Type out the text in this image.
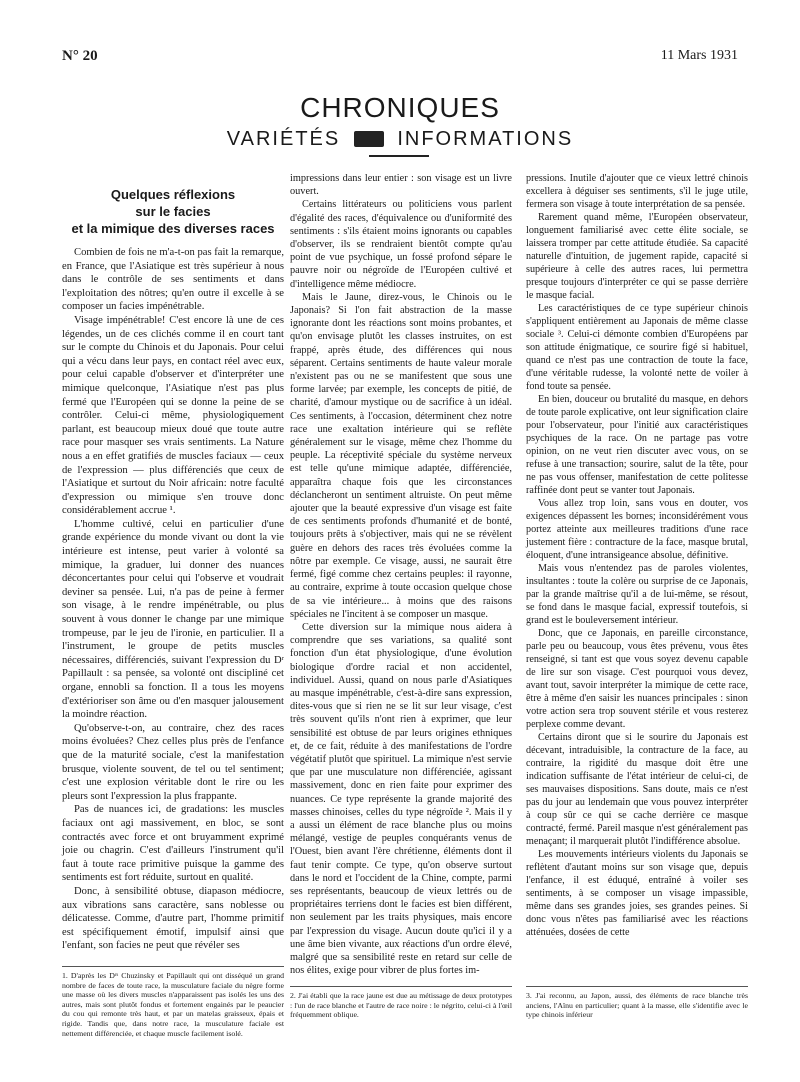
N° 20	11 Mars 1931
CHRONIQUES
VARIÉTÉS	INFORMATIONS
Quelques réflexions
sur le facies
et la mimique des diverses races

Combien de fois ne m'a-t-on pas fait la remarque, en France, que l'Asiatique est très supérieur à nous dans le contrôle de ses sentiments et dans l'exploitation des nôtres; qu'en outre il excelle à se composer un facies impénétrable.

Visage impénétrable! C'est encore là une de ces légendes, un de ces clichés comme il en court tant sur le compte du Chinois et du Japonais. Pour celui qui a vécu dans leur pays, en contact réel avec eux, pour celui capable d'observer et d'interpréter une mimique quelconque, l'Asiatique n'est pas plus fermé que l'Européen qui se donne la peine de se contrôler. Celui-ci même, physiologiquement parlant, est beaucoup mieux doué que toute autre race pour masquer ses vrais sentiments. La Nature nous a en effet gratifiés de muscles faciaux — ceux de l'expression — plus différenciés que ceux de l'Asiatique et surtout du Noir africain: notre faculté d'expression ou mimique s'en trouve donc considérablement accrue ¹.

L'homme cultivé, celui en particulier d'une grande expérience du monde vivant ou dont la vie intérieure est intense, peut varier à volonté sa mimique, la graduer, lui donner des nuances déconcertantes pour celui qui l'observe et voudrait deviner sa pensée. Lui, n'a pas de peine à fermer son visage, à le rendre impénétrable, ou plus souvent à vous donner le change par une mimique trompeuse, par le jeu de l'ironie, en particulier. Il a l'instrument, le groupe de petits muscles nécessaires, différenciés, suivant l'expression du Dʳ Papillault : sa pensée, sa volonté ont discipliné cet organe, ennobli sa fonction. Il a tous les moyens d'extérioriser son âme ou d'en masquer jalousement la moindre réaction.

Qu'observe-t-on, au contraire, chez des races moins évoluées? Chez celles plus près de l'enfance que de la maturité sociale, c'est la manifestation brusque, violente souvent, de tel ou tel sentiment; c'est une explosion véritable dont le rire ou les pleurs sont l'expression la plus frappante.

Pas de nuances ici, de gradations: les muscles faciaux ont agi massivement, en bloc, se sont contractés avec force et ont bruyamment exprimé joie ou chagrin. C'est d'ailleurs l'instrument qu'il faut à toute race primitive puisque la gamme des sentiments est fort réduite, surtout en qualité.

Donc, à sensibilité obtuse, diapason médiocre, aux vibrations sans caractère, sans noblesse ou délicatesse. Comme, d'autre part, l'homme primitif est spécifiquement émotif, impulsif ainsi que l'enfant, son facies ne peut que révéler ses

impressions dans leur entier : son visage est un livre ouvert.

Certains littérateurs ou politiciens vous parlent d'égalité des races, d'équivalence ou d'uniformité des sentiments : s'ils étaient moins ignorants ou capables d'observer, ils se rendraient bientôt compte qu'au point de vue psychique, un fossé profond sépare le pauvre noir ou négroïde de l'Européen cultivé et d'intelligence même médiocre.

Mais le Jaune, direz-vous, le Chinois ou le Japonais? Si l'on fait abstraction de la masse ignorante dont les réactions sont moins probantes, et qu'on envisage plutôt les classes instruites, on est frappé, après étude, des différences qui nous séparent. Certains sentiments de haute valeur morale n'existent pas ou ne se manifestent que sous une forme larvée; par exemple, les concepts de pitié, de charité, d'amour mystique ou de sacrifice à un idéal. Ces sentiments, à l'occasion, déterminent chez notre race une exaltation intérieure qui se reflète généralement sur le visage, même chez l'homme du peuple. La réceptivité spéciale du système nerveux est telle qu'une mimique adaptée, différenciée, apparaîtra chaque fois que les circonstances déclancheront un sentiment altruiste. On peut même ajouter que la beauté expressive d'un visage est faite de ces sentiments profonds d'humanité et de bonté, toujours prêts à s'objectiver, mais qui ne se révèlent guère en dehors des races très évoluées comme la nôtre par exemple. Ce visage, aussi, ne saurait être fermé, figé comme chez certains peuples: il rayonne, au contraire, exprime à toute occasion quelque chose de sa vie intérieure... à moins que des raisons spéciales ne l'incitent à se composer un masque.

Cette diversion sur la mimique nous aidera à comprendre que ses variations, sa qualité sont fonction d'un état physiologique, d'une évolution biologique d'ordre racial et non accidentel, individuel. Aussi, quand on nous parle d'Asiatiques au masque impénétrable, c'est-à-dire sans expression, dites-vous que si rien ne se lit sur leur visage, c'est très souvent qu'ils n'ont rien à exprimer, que leur sensibilité est obtuse de par leurs origines ethniques et, de ce fait, réduite à des manifestations de l'ordre végétatif plutôt que spirituel. La mimique n'est servie que par une musculature non différenciée, agissant massivement, donc en rien faite pour exprimer des nuances. Ce type représente la grande majorité des masses chinoises, celles du type négroïde ². Mais il y a aussi un élément de race blanche plus ou moins mélangé, vestige de peuples conquérants venus de l'Ouest, bien avant l'ère chrétienne, éléments dont il faut tenir compte. Ce type, qu'on observe surtout dans le nord et l'occident de la Chine, compte, parmi ses représentants, beaucoup de vieux lettrés ou de propriétaires terriens dont le facies est bien différent, non seulement par les traits physiques, mais encore par l'expression du visage. Aucun doute qu'ici il y a une âme bien vivante, aux réactions d'un ordre élevé, malgré que sa sensibilité reste en retard sur celle de nos élites, exige pour vibrer de plus fortes im-

pressions. Inutile d'ajouter que ce vieux lettré chinois excellera à déguiser ses sentiments, s'il le juge utile, fermera son visage à toute interprétation de sa pensée.

Rarement quand même, l'Européen observateur, longuement familiarisé avec cette élite sociale, se laissera tromper par cette attitude étudiée. Sa capacité naturelle d'intuition, de jugement rapide, capacité si supérieure à celle des autres races, lui permettra presque toujours d'interpréter ce qui se passe derrière le masque facial.

Les caractéristiques de ce type supérieur chinois s'appliquent entièrement au Japonais de même classe sociale ³. Celui-ci démonte combien d'Européens par son attitude énigmatique, ce sourire figé si habituel, quand ce n'est pas une contraction de toute la face, d'une véritable rudesse, la volonté nette de voiler à fond toute sa pensée.

En bien, douceur ou brutalité du masque, en dehors de toute parole explicative, ont leur signification claire pour l'observateur, pour l'initié aux caractéristiques psychiques de la race. On ne partage pas votre opinion, on ne veut rien discuter avec vous, on se refuse à une transaction; sourire, salut de la tête, pour ne pas vous offenser, manifestation de cette politesse raffinée dont peut se vanter tout Japonais.

Vous allez trop loin, sans vous en douter, vos exigences dépassent les bornes; inconsidérément vous portez atteinte aux meilleures traditions d'une race justement fière : contracture de la face, masque brutal, éloquent, d'une intransigeance absolue, définitive.

Mais vous n'entendez pas de paroles violentes, insultantes : toute la colère ou surprise de ce Japonais, par la grande maîtrise qu'il a de lui-même, se résout, se fond dans le masque facial, expressif toutefois, si grand est le bouleversement intérieur.

Donc, que ce Japonais, en pareille circonstance, parle peu ou beaucoup, vous êtes prévenu, vous êtes renseigné, si tant est que vous soyez devenu capable de lire sur son visage. C'est pourquoi vous devez, avant tout, savoir interpréter la mimique de cette race, être à même d'en saisir les nuances principales : sinon votre action sera trop souvent stérile et vous resterez perplexe comme devant.

Certains diront que si le sourire du Japonais est décevant, intraduisible, la contracture de la face, au contraire, la rigidité du masque doit être une indication suffisante de l'état intérieur de celui-ci, de ses mauvaises dispositions. Sans doute, mais ce n'est pas du jour au lendemain que vous pouvez interpréter à coup sûr ce qui se cache derrière ce masque contracté, fermé. Pareil masque n'est généralement pas menaçant; il marquerait plutôt l'indifférence absolue.

Les mouvements intérieurs violents du Japonais se reflètent d'autant moins sur son visage que, depuis l'enfance, il est éduqué, entraîné à voiler ses sentiments, à se composer un visage impassible, même dans ses grandes joies, ses grandes peines. Si donc vous n'êtes pas familiarisé avec les réactions atténuées, dosées de cette

1. D'après les Dʳˢ Chuzinsky et Papillault qui ont disséqué un grand nombre de faces de toute race, la musculature faciale du nègre forme une masse où les divers muscles n'apparaissent pas isolés les uns des autres, mais sont plutôt fondus et fortement engainés par le peaucier du cou qui remonte très haut, et par un matelas graisseux, épais et rigide. Tandis que, dans notre race, la musculature faciale est nettement différenciée, et chaque muscle facilement isolé.

2. J'ai établi que la race jaune est due au métissage de deux prototypes : l'un de race blanche et l'autre de race noire : le négrito, celui-ci à l'œil fréquemment oblique.

3. J'ai reconnu, au Japon, aussi, des éléments de race blanche très anciens, l'Aïnu en particulier; quant à la masse, elle s'identifie avec le type chinois inférieur
